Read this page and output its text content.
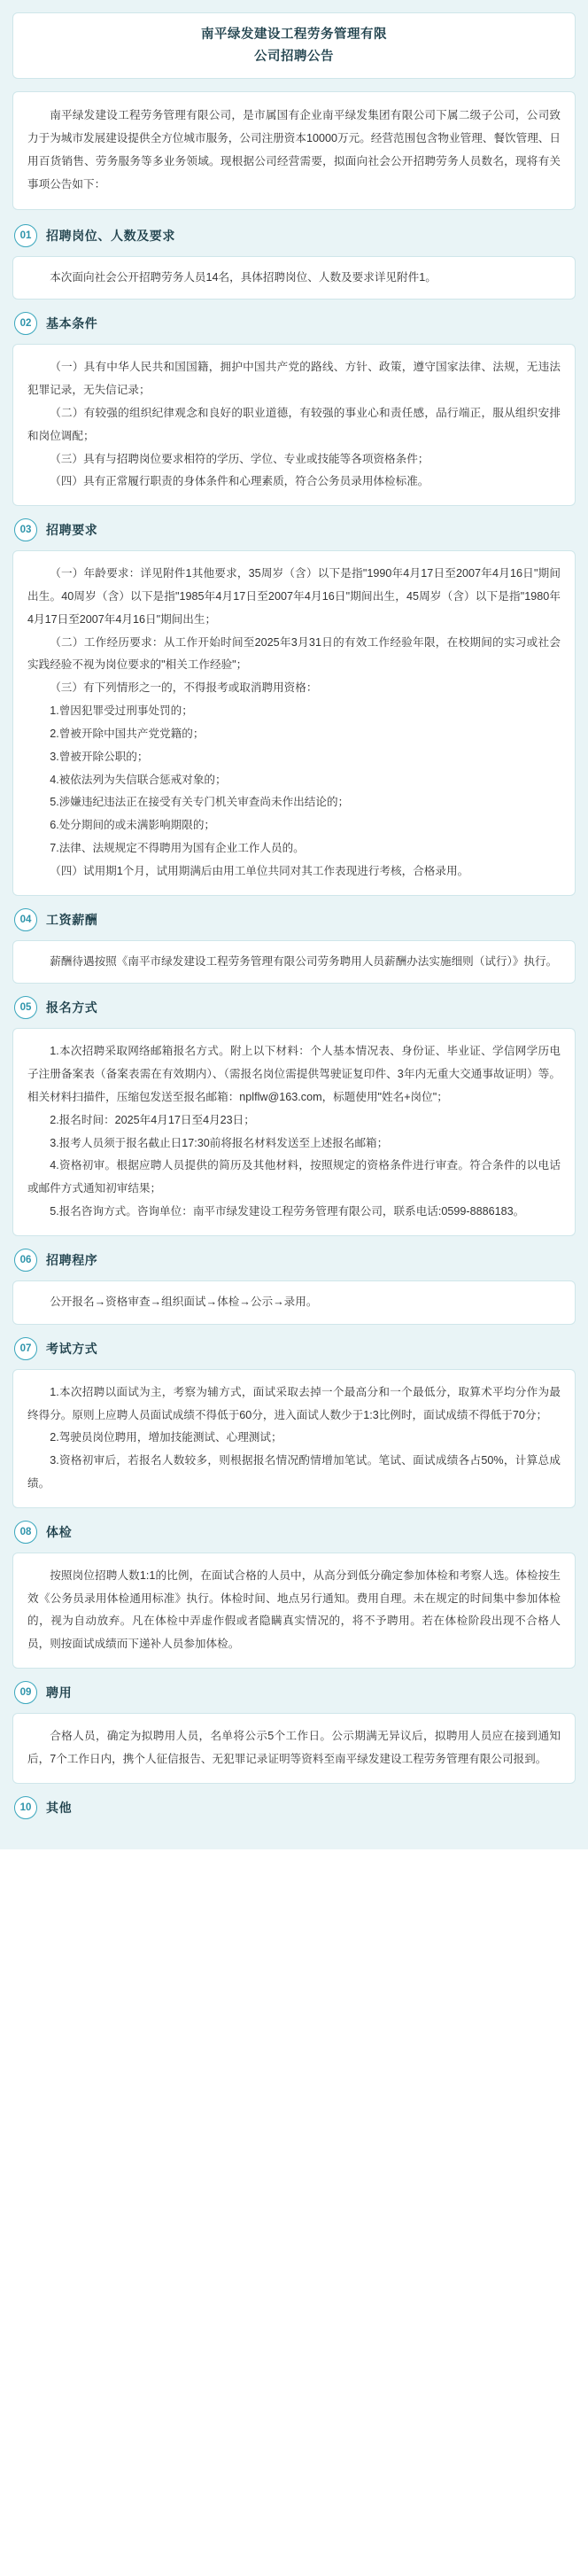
南平绿发建设工程劳务管理有限
公司招聘公告

南平绿发建设工程劳务管理有限公司，是市属国有企业南平绿发集团有限公司下属二级子公司，公司致力于为城市发展建设提供全方位城市服务，公司注册资本10000万元。经营范围包含物业管理、餐饮管理、日用百货销售、劳务服务等多业务领域。现根据公司经营需要，拟面向社会公开招聘劳务人员数名，现将有关事项公告如下：

01	招聘岗位、人数及要求

本次面向社会公开招聘劳务人员14名，具体招聘岗位、人数及要求详见附件1。

02	基本条件

（一）具有中华人民共和国国籍，拥护中国共产党的路线、方针、政策，遵守国家法律、法规，无违法犯罪记录，无失信记录；

（二）有较强的组织纪律观念和良好的职业道德，有较强的事业心和责任感，品行端正，服从组织安排和岗位调配；

（三）具有与招聘岗位要求相符的学历、学位、专业或技能等各项资格条件；

（四）具有正常履行职责的身体条件和心理素质，符合公务员录用体检标准。

03	招聘要求

（一）年龄要求：详见附件1其他要求，35周岁（含）以下是指"1990年4月17日至2007年4月16日"期间出生。40周岁（含）以下是指"1985年4月17日至2007年4月16日"期间出生，45周岁（含）以下是指"1980年4月17日至2007年4月16日"期间出生；

（二）工作经历要求：从工作开始时间至2025年3月31日的有效工作经验年限，在校期间的实习或社会实践经验不视为岗位要求的"相关工作经验"；

（三）有下列情形之一的，不得报考或取消聘用资格：

1.曾因犯罪受过刑事处罚的；

2.曾被开除中国共产党党籍的；

3.曾被开除公职的；

4.被依法列为失信联合惩戒对象的；

5.涉嫌违纪违法正在接受有关专门机关审查尚未作出结论的；

6.处分期间的或未满影响期限的；

7.法律、法规规定不得聘用为国有企业工作人员的。

（四）试用期1个月，试用期满后由用工单位共同对其工作表现进行考核，合格录用。

04	工资薪酬

薪酬待遇按照《南平市绿发建设工程劳务管理有限公司劳务聘用人员薪酬办法实施细则（试行）》执行。

05	报名方式

1.本次招聘采取网络邮箱报名方式。附上以下材料：个人基本情况表、身份证、毕业证、学信网学历电子注册备案表（备案表需在有效期内）、（需报名岗位需提供驾驶证复印件、3年内无重大交通事故证明）等。相关材料扫描件，压缩包发送至报名邮箱：nplflw@163.com，标题使用"姓名+岗位"；

2.报名时间：2025年4月17日至4月23日；

3.报考人员须于报名截止日17:30前将报名材料发送至上述报名邮箱；

4.资格初审。根据应聘人员提供的简历及其他材料，按照规定的资格条件进行审查。符合条件的以电话或邮件方式通知初审结果；

5.报名咨询方式。咨询单位：南平市绿发建设工程劳务管理有限公司，联系电话:0599-8886183。

06	招聘程序

公开报名→资格审查→组织面试→体检→公示→录用。

07	考试方式

1.本次招聘以面试为主，考察为辅方式，面试采取去掉一个最高分和一个最低分，取算术平均分作为最终得分。原则上应聘人员面试成绩不得低于60分，进入面试人数少于1:3比例时，面试成绩不得低于70分；

2.驾驶员岗位聘用，增加技能测试、心理测试；

3.资格初审后，若报名人数较多，则根据报名情况酌情增加笔试。笔试、面试成绩各占50%，计算总成绩。

08	体检

按照岗位招聘人数1:1的比例，在面试合格的人员中，从高分到低分确定参加体检和考察人选。体检按生效《公务员录用体检通用标准》执行。体检时间、地点另行通知。费用自理。未在规定的时间集中参加体检的，视为自动放弃。凡在体检中弄虚作假或者隐瞒真实情况的，将不予聘用。若在体检阶段出现不合格人员，则按面试成绩而下递补人员参加体检。

09	聘用

合格人员，确定为拟聘用人员，名单将公示5个工作日。公示期满无异议后，拟聘用人员应在接到通知后，7个工作日内，携个人征信报告、无犯罪记录证明等资料至南平绿发建设工程劳务管理有限公司报到。

10	其他
